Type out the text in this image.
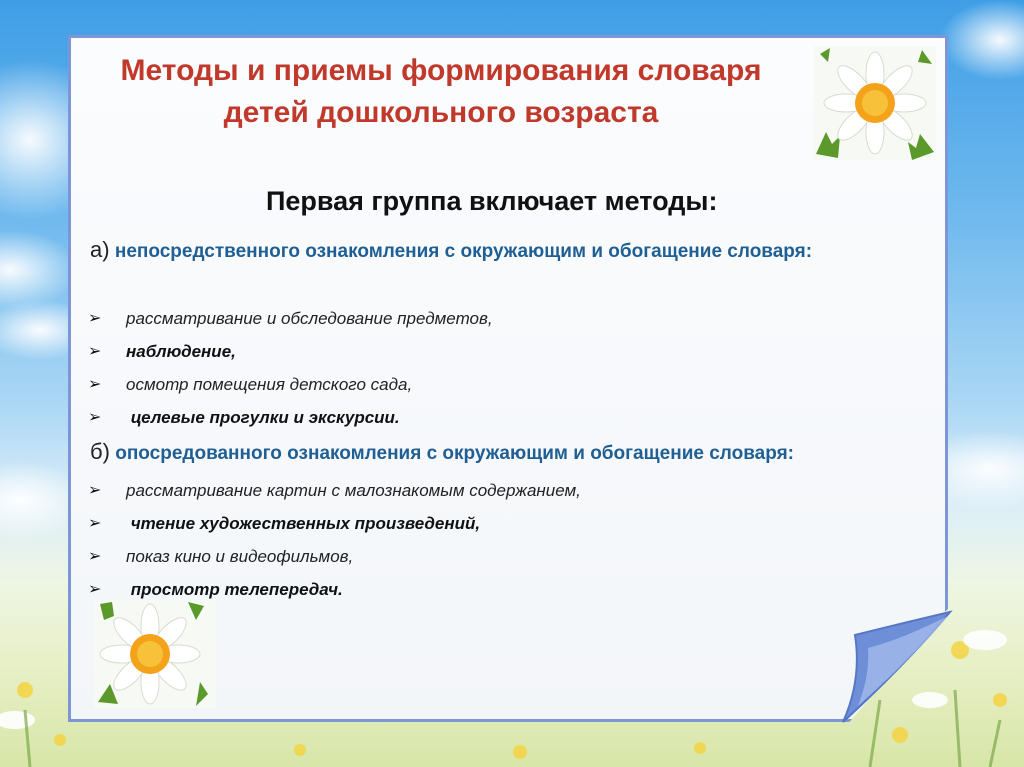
Методы и приемы формирования словаря
детей дошкольного возраста

Первая группа включает методы:

а) непосредственного ознакомления с окружающим и обогащение словаря:

➢ рассматривание и обследование предметов,
➢ наблюдение,
➢ осмотр помещения детского сада,
➢ целевые прогулки и экскурсии.

б) опосредованного ознакомления с окружающим и обогащение словаря:

➢ рассматривание картин с малознакомым содержанием,
➢ чтение художественных произведений,
➢ показ кино и видеофильмов,
➢ просмотр телепередач.
